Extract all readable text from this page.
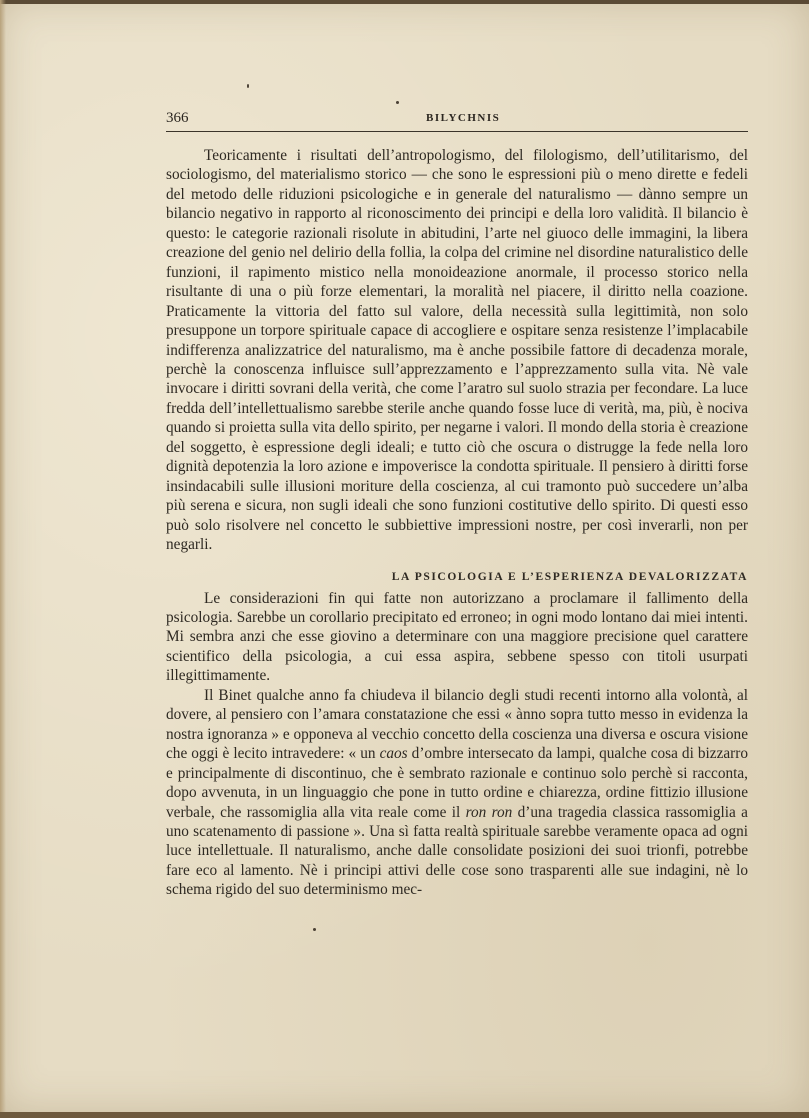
366	BILYCHNIS

Teoricamente i risultati dell’antropologismo, del filologismo, dell’utilitarismo, del sociologismo, del materialismo storico — che sono le espressioni più o meno dirette e fedeli del metodo delle riduzioni psicologiche e in generale del naturalismo — dànno sempre un bilancio negativo in rapporto al riconoscimento dei principi e della loro validità. Il bilancio è questo: le categorie razionali risolute in abitudini, l’arte nel giuoco delle immagini, la libera creazione del genio nel delirio della follia, la colpa del crimine nel disordine naturalistico delle funzioni, il rapimento mistico nella monoideazione anormale, il processo storico nella risultante di una o più forze elementari, la moralità nel piacere, il diritto nella coazione. Praticamente la vittoria del fatto sul valore, della necessità sulla legittimità, non solo presuppone un torpore spirituale capace di accogliere e ospitare senza resistenze l’implacabile indifferenza analizzatrice del naturalismo, ma è anche possibile fattore di decadenza morale, perchè la conoscenza influisce sull’apprezzamento e l’apprezzamento sulla vita. Nè vale invocare i diritti sovrani della verità, che come l’aratro sul suolo strazia per fecondare. La luce fredda dell’intellettualismo sarebbe sterile anche quando fosse luce di verità, ma, più, è nociva quando si proietta sulla vita dello spirito, per negarne i valori. Il mondo della storia è creazione del soggetto, è espressione degli ideali; e tutto ciò che oscura o distrugge la fede nella loro dignità depotenzia la loro azione e impoverisce la condotta spirituale. Il pensiero à diritti forse insindacabili sulle illusioni moriture della coscienza, al cui tramonto può succedere un’alba più serena e sicura, non sugli ideali che sono funzioni costitutive dello spirito. Di questi esso può solo risolvere nel concetto le subbiettive impressioni nostre, per così inverarli, non per negarli.

LA PSICOLOGIA E L’ESPERIENZA DEVALORIZZATA

Le considerazioni fin qui fatte non autorizzano a proclamare il fallimento della psicologia. Sarebbe un corollario precipitato ed erroneo; in ogni modo lontano dai miei intenti. Mi sembra anzi che esse giovino a determinare con una maggiore precisione quel carattere scientifico della psicologia, a cui essa aspira, sebbene spesso con titoli usurpati illegittimamente.

Il Binet qualche anno fa chiudeva il bilancio degli studi recenti intorno alla volontà, al dovere, al pensiero con l’amara constatazione che essi « ànno sopra tutto messo in evidenza la nostra ignoranza » e opponeva al vecchio concetto della coscienza una diversa e oscura visione che oggi è lecito intravedere: « un caos d’ombre intersecato da lampi, qualche cosa di bizzarro e principalmente di discontinuo, che è sembrato razionale e continuo solo perchè si racconta, dopo avvenuta, in un linguaggio che pone in tutto ordine e chiarezza, ordine fittizio illusione verbale, che rassomiglia alla vita reale come il ron ron d’una tragedia classica rassomiglia a uno scatenamento di passione ». Una sì fatta realtà spirituale sarebbe veramente opaca ad ogni luce intellettuale. Il naturalismo, anche dalle consolidate posizioni dei suoi trionfi, potrebbe fare eco al lamento. Nè i principi attivi delle cose sono trasparenti alle sue indagini, nè lo schema rigido del suo determinismo mec-
